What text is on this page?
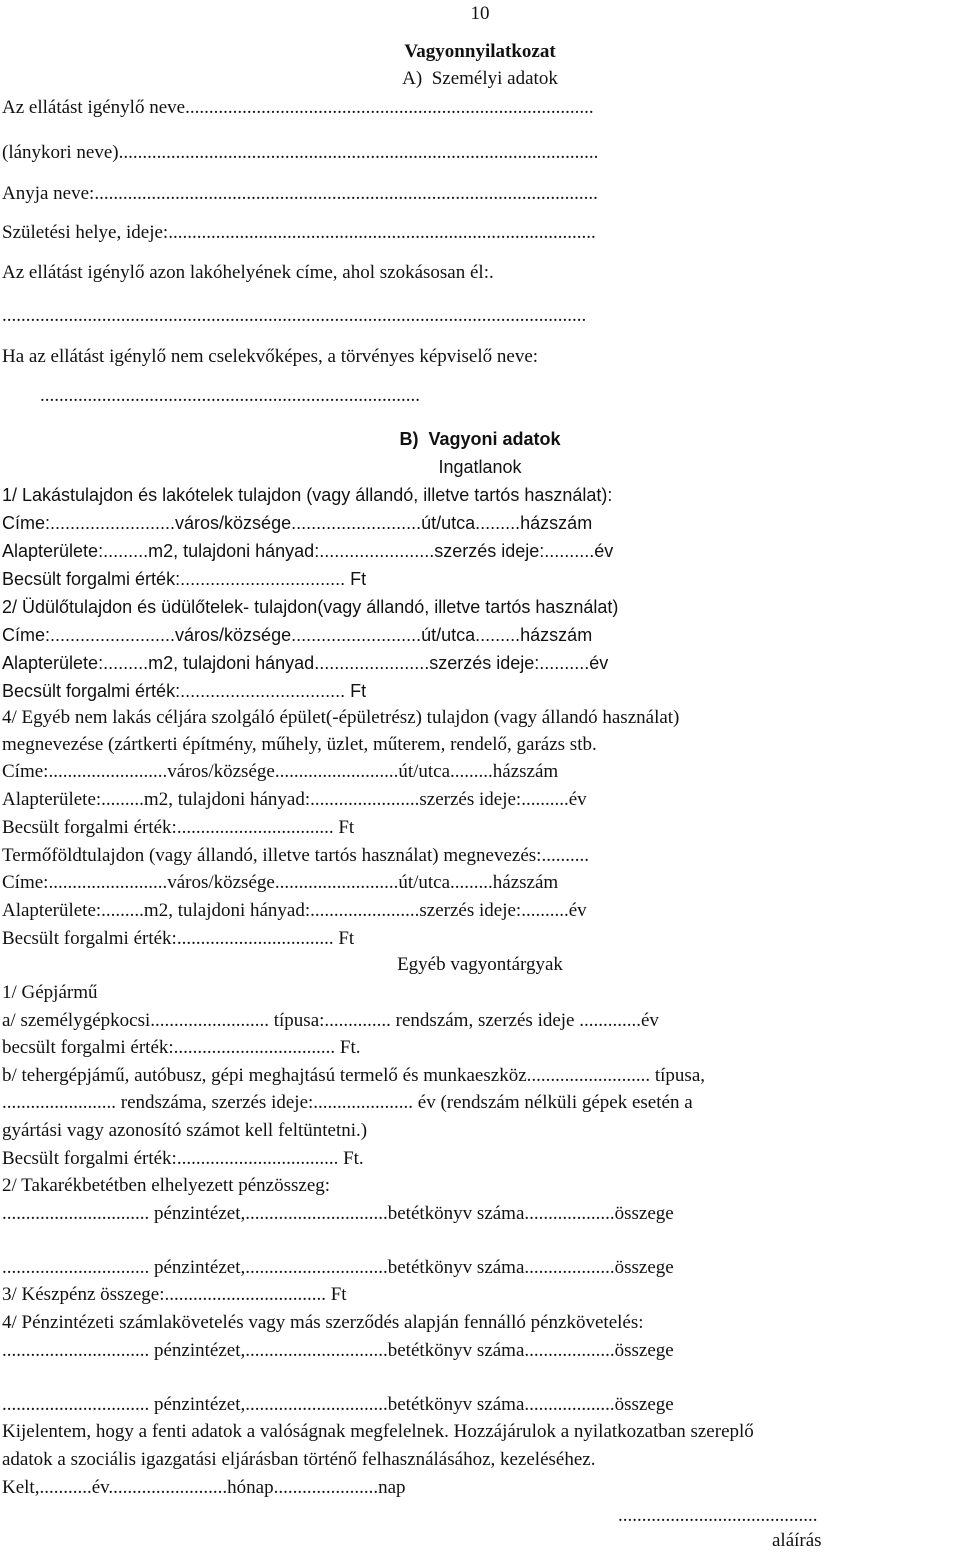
10
Vagyonnyilatkozat
A)  Személyi adatok
Az ellátást igénylő neve......................................................................................
(lánykori neve).....................................................................................................
Anyja neve:..........................................................................................................
Születési helye, ideje:..........................................................................................
Az ellátást igénylő azon lakóhelyének címe, ahol szokásosan él:.
...........................................................................................................................
Ha az ellátást igénylő nem cselekvőképes, a törvényes képviselő neve:
................................................................................
B)  Vagyoni adatok
Ingatlanok
1/ Lakástulajdon és lakótelek tulajdon (vagy állandó, illetve tartós használat):
Címe:.........................város/községe..........................út/utca.........házszám
Alapterülete:.........m2, tulajdoni hányad:.......................szerzés ideje:..........év
Becsült forgalmi érték:................................. Ft
2/ Üdülőtulajdon és üdülőtelek- tulajdon(vagy állandó, illetve tartós használat)
Címe:.........................város/községe..........................út/utca.........házszám
Alapterülete:.........m2, tulajdoni hányad.......................szerzés ideje:..........év
Becsült forgalmi érték:................................. Ft
4/ Egyéb nem lakás céljára szolgáló épület(-épületrész) tulajdon (vagy állandó használat)
megnevezése (zártkerti építmény, műhely, üzlet, műterem, rendelő, garázs stb.
Címe:.........................város/községe..........................út/utca.........házszám
Alapterülete:.........m2, tulajdoni hányad:.......................szerzés ideje:..........év
Becsült forgalmi érték:................................. Ft
Termőföldtulajdon (vagy állandó, illetve tartós használat) megnevezés:..........
Címe:.........................város/községe..........................út/utca.........házszám
Alapterülete:.........m2, tulajdoni hányad:.......................szerzés ideje:..........év
Becsült forgalmi érték:................................. Ft
Egyéb vagyontárgyak
1/ Gépjármű
a/ személygépkocsi......................... típusa:.............. rendszám, szerzés ideje .............év
becsült forgalmi érték:.................................. Ft.
b/ tehergépjámű, autóbusz, gépi meghajtású termelő és munkaeszköz.......................... típusa,
........................ rendszáma, szerzés ideje:..................... év (rendszám nélküli gépek esetén a
gyártási vagy azonosító számot kell feltüntetni.)
Becsült forgalmi érték:.................................. Ft.
2/ Takarékbetétben elhelyezett pénzösszeg:
............................... pénzintézet,..............................betétkönyv száma...................összege
............................... pénzintézet,..............................betétkönyv száma...................összege
3/ Készpénz összege:.................................. Ft
4/ Pénzintézeti számlakövetelés vagy más szerződés alapján fennálló pénzkövetelés:
............................... pénzintézet,..............................betétkönyv száma...................összege
............................... pénzintézet,..............................betétkönyv száma...................összege
Kijelentem, hogy a fenti adatok a valóságnak megfelelnek. Hozzájárulok a nyilatkozatban szereplő
adatok a szociális igazgatási eljárásban történő felhasználásához, kezeléséhez.
Kelt,...........év.........................hónap......................nap
..........................................
aláírás
